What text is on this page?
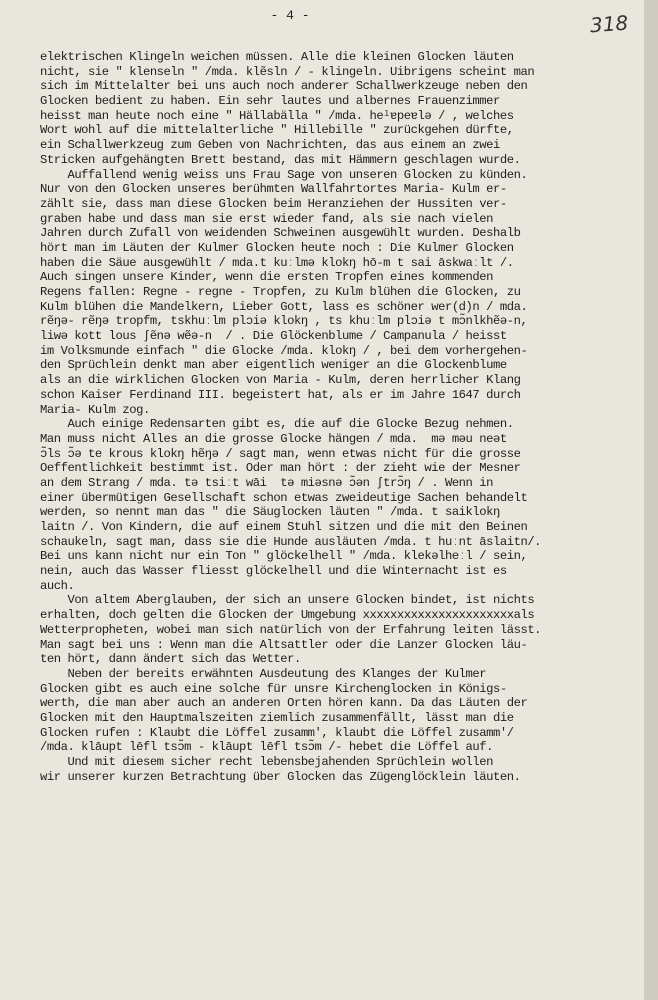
- 4 -	318
elektrischen Klingeln weichen müssen. Alle die kleinen Glocken läuten
nicht, sie " klenseln " /mda. klẽsln / - klingeln. Uibrigens scheint man
sich im Mittelalter bei uns auch noch anderer Schallwerkzeuge neben den
Glocken bedient zu haben. Ein sehr lautes und albernes Frauenzimmer
heisst man heute noch eine " Hällabälla " /mda. heˡɐpeɐlə / , welches
Wort wohl auf die mittelalterliche " Hillebille " zurückgehen dürfte,
ein Schallwerkzeug zum Geben von Nachrichten, das aus einem an zwei
Stricken aufgehängten Brett bestand, das mit Hämmern geschlagen wurde.
Auffallend wenig weiss uns Frau Sage von unseren Glocken zu künden.
Nur von den Glocken unseres berühmten Wallfahrtortes Maria- Kulm er-
zählt sie, dass man diese Glocken beim Heranziehen der Hussiten ver-
graben habe und dass man sie erst wieder fand, als sie nach vielen
Jahren durch Zufall von weidenden Schweinen ausgewühlt wurden. Deshalb
hört man im Läuten der Kulmer Glocken heute noch : Die Kulmer Glocken
haben die Säue ausgewühlt / mda.t kuːlmə klokŋ hō-m t sai āskwaːlt /.
Auch singen unsere Kinder, wenn die ersten Tropfen eines kommenden
Regens fallen: Regne - regne - Tropfen, zu Kulm blühen die Glocken, zu
Kulm blühen die Mandelkern, Lieber Gott, lass es schöner wer(d)n / mda.
rẽŋə- rẽŋə tropfm, tskhuːlm plɔiə klokŋ , ts khuːlm plɔiə t mɔ̃nlkhẽə-n,
liwə kott lous ʃẽnə wẽə-n  / . Die Glöckenblume / Campanula / heisst
im Volksmunde einfach " die Glocke /mda. klokŋ / , bei dem vorhergehen-
den Sprüchlein denkt man aber eigentlich weniger an die Glockenblume
als an die wirklichen Glocken von Maria - Kulm, deren herrlicher Klang
schon Kaiser Ferdinand III. begeistert hat, als er im Jahre 1647 durch
Maria- Kulm zog.
Auch einige Redensarten gibt es, die auf die Glocke Bezug nehmen.
Man muss nicht Alles an die grosse Glocke hängen / mda.  mə məu neət
ɔ̃ls ɔ̃ə te krous klokŋ hẽŋə / sagt man, wenn etwas nicht für die grosse
Oeffentlichkeit bestimmt ist. Oder man hört : der zieht wie der Mesner
an dem Strang / mda. tə tsiːt wāi  tə miəsnə ɔ̃ən ʃtrɔ̃ŋ / . Wenn in
einer übermütigen Gesellschaft schon etwas zweideutige Sachen behandelt
werden, so nennt man das " die Säuglocken läuten " /mda. t saiklokŋ
laitn /. Von Kindern, die auf einem Stuhl sitzen und die mit den Beinen
schaukeln, sagt man, dass sie die Hunde ausläuten /mda. t huːnt āslaitn/.
Bei uns kann nicht nur ein Ton " glöckelhell " /mda. klekəlheːl / sein,
nein, auch das Wasser fliesst glöckelhell und die Winternacht ist es
auch.
Von altem Aberglauben, der sich an unsere Glocken bindet, ist nichts
erhalten, doch gelten die Glocken der Umgebung xxxxxxxxxxxxxxxxxxxxxxals
Wetterpropheten, wobei man sich natürlich von der Erfahrung leiten lässt.
Man sagt bei uns : Wenn man die Altsattler oder die Lanzer Glocken läu-
ten hört, dann ändert sich das Wetter.
Neben der bereits erwähnten Ausdeutung des Klanges der Kulmer
Glocken gibt es auch eine solche für unsre Kirchenglocken in Königs-
werth, die man aber auch an anderen Orten hören kann. Da das Läuten der
Glocken mit den Hauptmalszeiten ziemlich zusammenfällt, lässt man die
Glocken rufen : Klaubt die Löffel zusamm', klaubt die Löffel zusamm'/
/mda. klāupt lēfl tsɔ̃m - klāupt lēfl tsɔ̃m /- hebet die Löffel auf.
Und mit diesem sicher recht lebensbejahenden Sprüchlein wollen
wir unserer kurzen Betrachtung über Glocken das Zügenglöcklein läuten.
